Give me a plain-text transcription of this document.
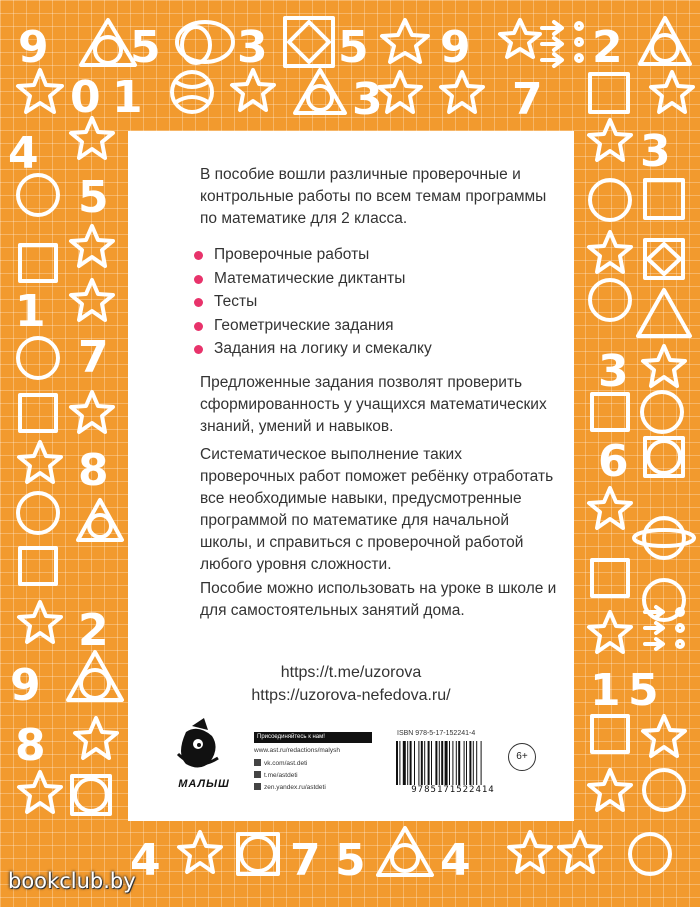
9 5 3 5 9	2
0 1	3	7
4
5
1
7
8
2
9
8
3
3
6
1 5
4	7 5 4

В пособие вошли различные проверочные и контрольные работы по всем темам программы по математике для 2 класса.

Проверочные работы
Математические диктанты
Тесты
Геометрические задания
Задания на логику и смекалку

Предложенные задания позволят проверить сформированность у учащихся математических знаний, умений и навыков.

Систематическое выполнение таких проверочных работ поможет ребёнку отработать все необходимые навыки, предусмотренные программой по математике для начальной школы, и справиться с проверочной работой любого уровня сложности.

Пособие можно использовать на уроке в школе и для самостоятельных занятий дома.

https://t.me/uzorova
https://uzorova-nefedova.ru/
МАЛЫШ
Присоединяйтесь к нам!
www.ast.ru/redactions/malysh
vk.com/ast.deti
t.me/astdeti
zen.yandex.ru/astdeti
ISBN 978-5-17-152241-4
9785171522414
6+
bookclub.by
